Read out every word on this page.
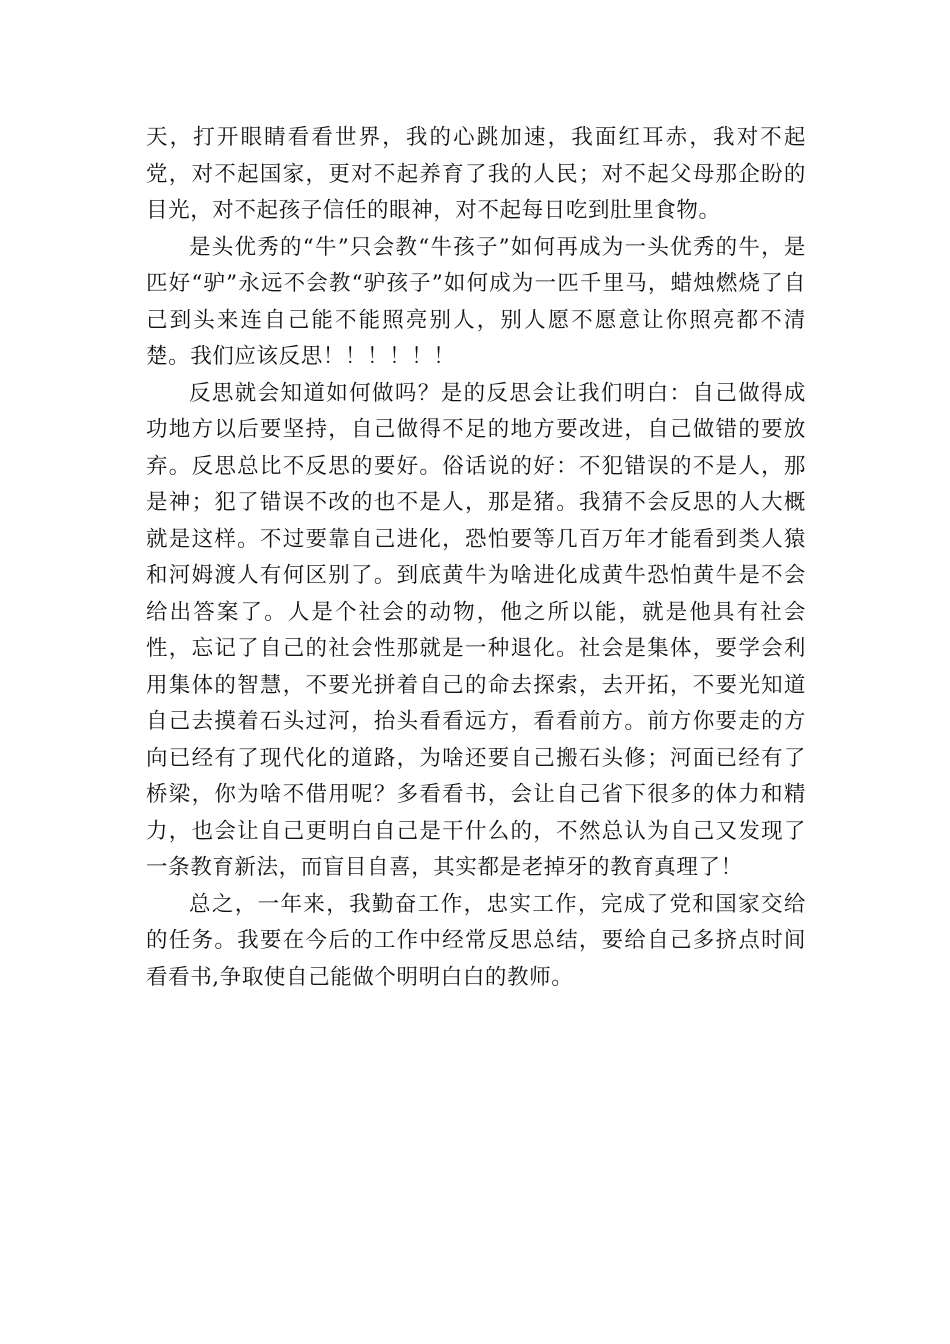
天，打开眼睛看看世界，我的心跳加速，我面红耳赤，我对不起党，对不起国家，更对不起养育了我的人民；对不起父母那企盼的目光，对不起孩子信任的眼神，对不起每日吃到肚里食物。

是头优秀的“牛”只会教“牛孩子”如何再成为一头优秀的牛，是匹好“驴”永远不会教“驴孩子”如何成为一匹千里马，蜡烛燃烧了自己到头来连自己能不能照亮别人，别人愿不愿意让你照亮都不清楚。我们应该反思！！！！！！

反思就会知道如何做吗？是的反思会让我们明白：自己做得成功地方以后要坚持，自己做得不足的地方要改进，自己做错的要放弃。反思总比不反思的要好。俗话说的好：不犯错误的不是人，那是神；犯了错误不改的也不是人，那是猪。我猜不会反思的人大概就是这样。不过要靠自己进化，恐怕要等几百万年才能看到类人猿和河姆渡人有何区别了。到底黄牛为啥进化成黄牛恐怕黄牛是不会给出答案了。人是个社会的动物，他之所以能，就是他具有社会性，忘记了自己的社会性那就是一种退化。社会是集体，要学会利用集体的智慧，不要光拼着自己的命去探索，去开拓，不要光知道自己去摸着石头过河，抬头看看远方，看看前方。前方你要走的方向已经有了现代化的道路，为啥还要自己搬石头修；河面已经有了桥梁，你为啥不借用呢？多看看书，会让自己省下很多的体力和精力，也会让自己更明白自己是干什么的，不然总认为自己又发现了一条教育新法，而盲目自喜，其实都是老掉牙的教育真理了！

总之，一年来，我勤奋工作，忠实工作，完成了党和国家交给的任务。我要在今后的工作中经常反思总结，要给自己多挤点时间看看书,争取使自己能做个明明白白的教师。
